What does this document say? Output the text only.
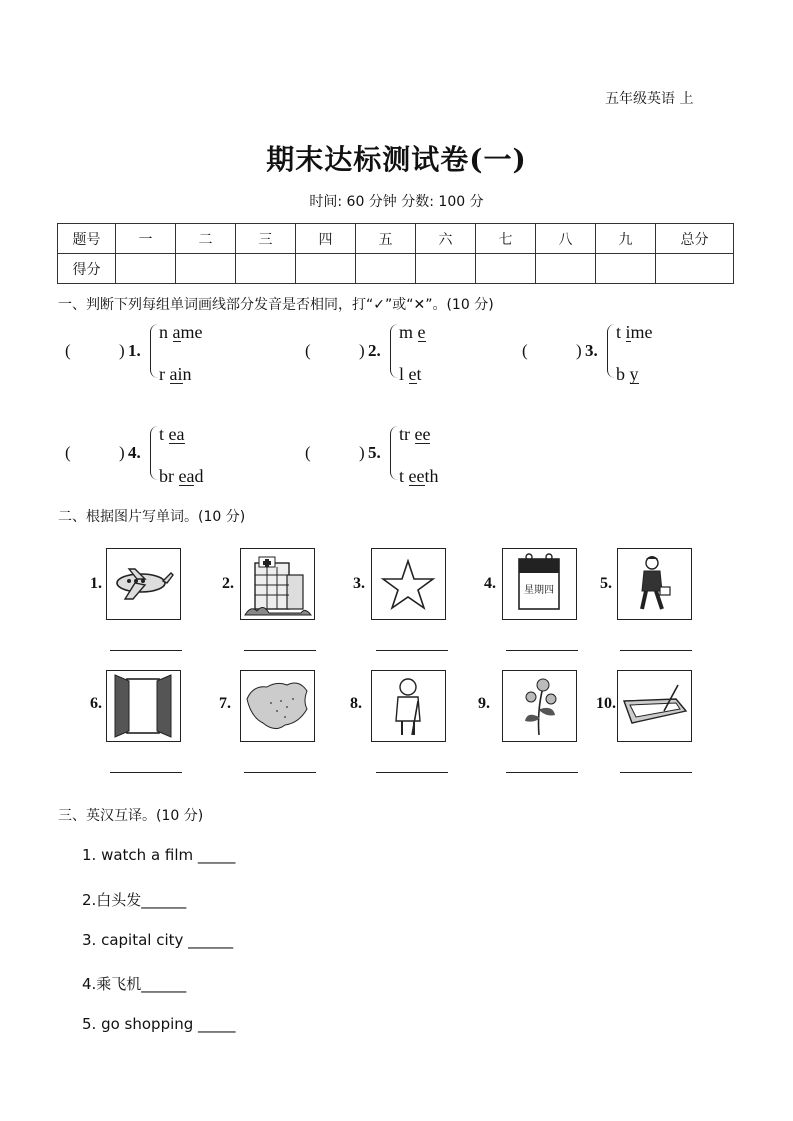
五年级英语 上
期末达标测试卷(一)
时间: 60 分钟 分数: 100 分
题号	一	二	三	四	五	六	七	八	九	总分
得分										
一、判断下列每组单词画线部分发音是否相同，打“✓”或“✕”。(10 分)
(	) 1.
n ame
r ain
(	) 2.
m e
l et
(	) 3.
t ime
b y
(	) 4.
t ea
br ead
(	) 5.
tr ee
t eeth
二、根据图片写单词。(10 分)
1.	2.	3.	4.	星期四	5.
6.	7.	8.	9.	10.
三、英汉互译。(10 分)
1. watch a film _____
2.白头发______
3. capital city ______
4.乘飞机______
5. go shopping _____
